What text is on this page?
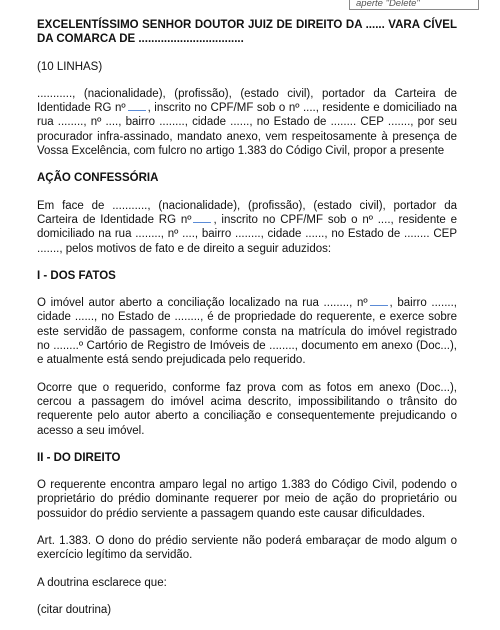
aperte "Delete"

EXCELENTÍSSIMO SENHOR DOUTOR JUIZ DE DIREITO DA ...... VARA CÍVEL DA COMARCA DE .................................

(10 LINHAS)

..........., (nacionalidade), (profissão), (estado civil), portador da Carteira de Identidade RG nº , inscrito no CPF/MF sob o nº ...., residente e domiciliado na rua ........, nº ...., bairro ........, cidade ......, no Estado de ........ CEP ......., por seu procurador infra-assinado, mandato anexo, vem respeitosamente à presença de Vossa Excelência, com fulcro no artigo 1.383 do Código Civil, propor a presente

AÇÃO CONFESSÓRIA

Em face de ..........., (nacionalidade), (profissão), (estado civil), portador da Carteira de Identidade RG nº , inscrito no CPF/MF sob o nº ...., residente e domiciliado na rua ........, nº ...., bairro ........, cidade ......, no Estado de ........ CEP ......., pelos motivos de fato e de direito a seguir aduzidos:

I - DOS FATOS

O imóvel autor aberto a conciliação localizado na rua ........, nº , bairro ......., cidade ......, no Estado de ........, é de propriedade do requerente, e exerce sobre este servidão de passagem, conforme consta na matrícula do imóvel registrado no ........º Cartório de Registro de Imóveis de ........, documento em anexo (Doc...), e atualmente está sendo prejudicada pelo requerido.

Ocorre que o requerido, conforme faz prova com as fotos em anexo (Doc...), cercou a passagem do imóvel acima descrito, impossibilitando o trânsito do requerente pelo autor aberto a conciliação e consequentemente prejudicando o acesso a seu imóvel.

II - DO DIREITO

O requerente encontra amparo legal no artigo 1.383 do Código Civil, podendo o proprietário do prédio dominante requerer por meio de ação do proprietário ou possuidor do prédio serviente a passagem quando este causar dificuldades.

Art. 1.383. O dono do prédio serviente não poderá embaraçar de modo algum o exercício legítimo da servidão.

A doutrina esclarece que:

(citar doutrina)
